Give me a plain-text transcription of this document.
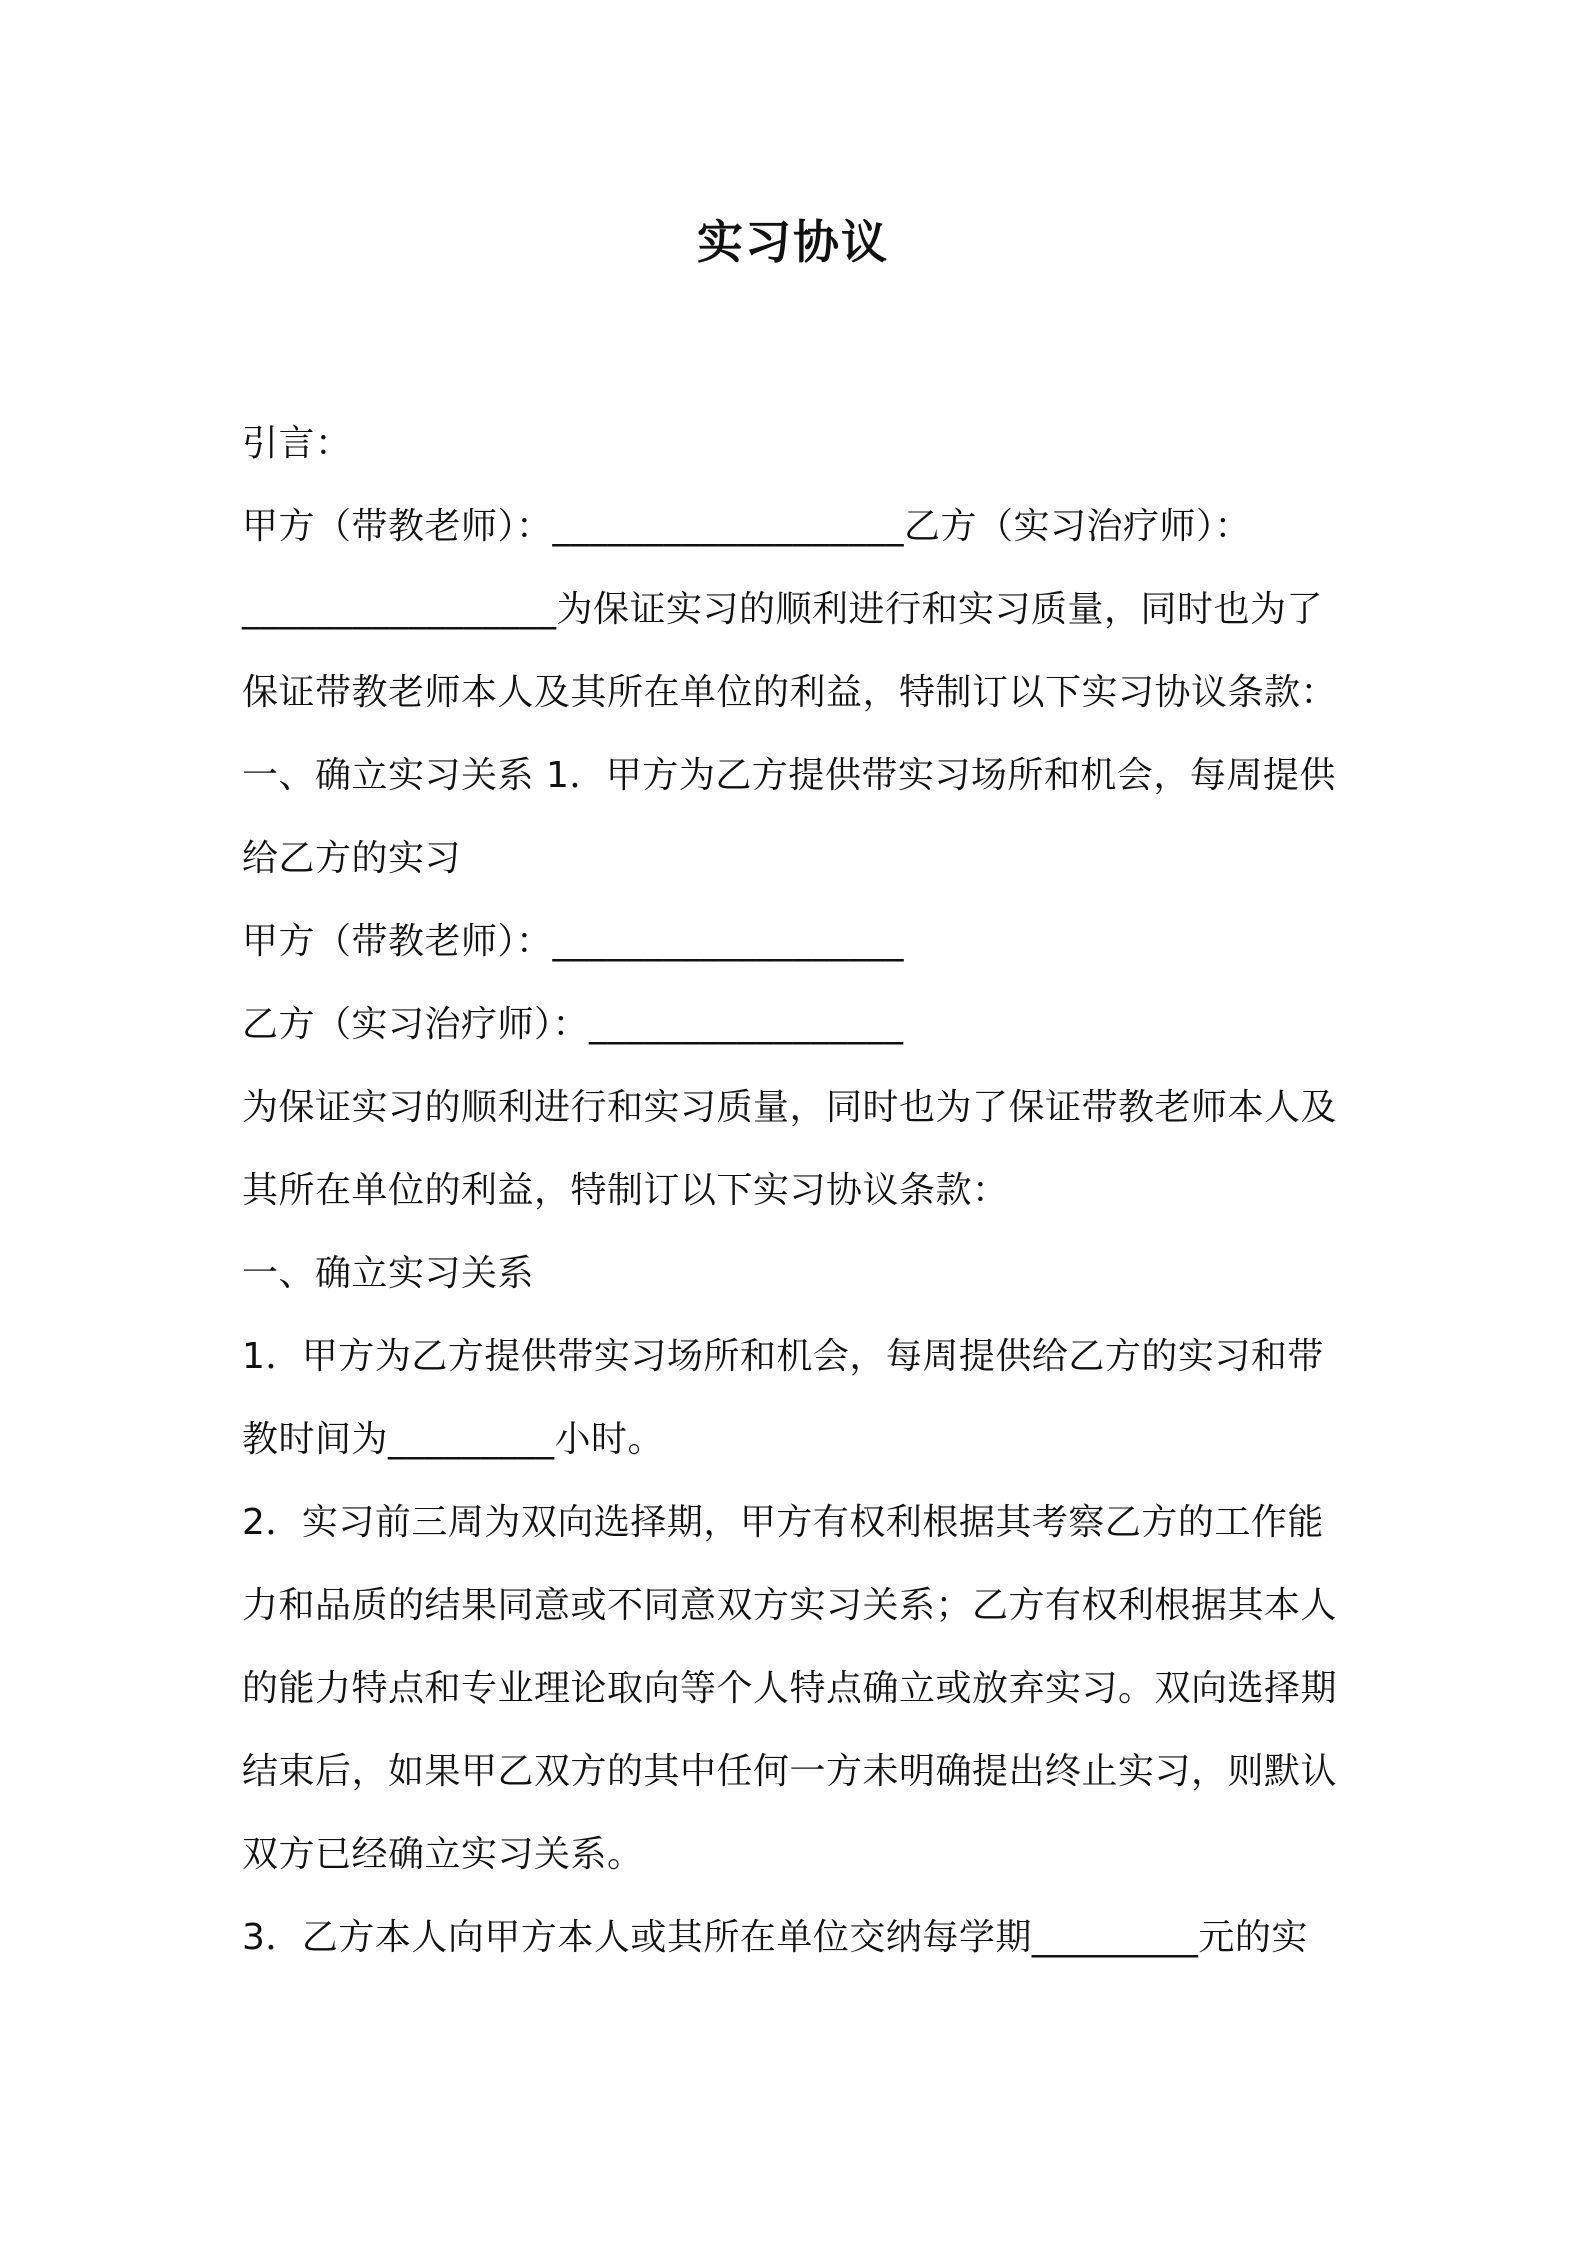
实习协议
引言：
甲方（带教老师）：___________________乙方（实习治疗师）：
_________________为保证实习的顺利进行和实习质量，同时也为了
保证带教老师本人及其所在单位的利益，特制订以下实习协议条款：
一、确立实习关系 1．甲方为乙方提供带实习场所和机会，每周提供
给乙方的实习
甲方（带教老师）：___________________
乙方（实习治疗师）：_________________
为保证实习的顺利进行和实习质量，同时也为了保证带教老师本人及
其所在单位的利益，特制订以下实习协议条款：
一、确立实习关系
1．甲方为乙方提供带实习场所和机会，每周提供给乙方的实习和带
教时间为_________小时。
2．实习前三周为双向选择期，甲方有权利根据其考察乙方的工作能
力和品质的结果同意或不同意双方实习关系；乙方有权利根据其本人
的能力特点和专业理论取向等个人特点确立或放弃实习。双向选择期
结束后，如果甲乙双方的其中任何一方未明确提出终止实习，则默认
双方已经确立实习关系。
3．乙方本人向甲方本人或其所在单位交纳每学期_________元的实
